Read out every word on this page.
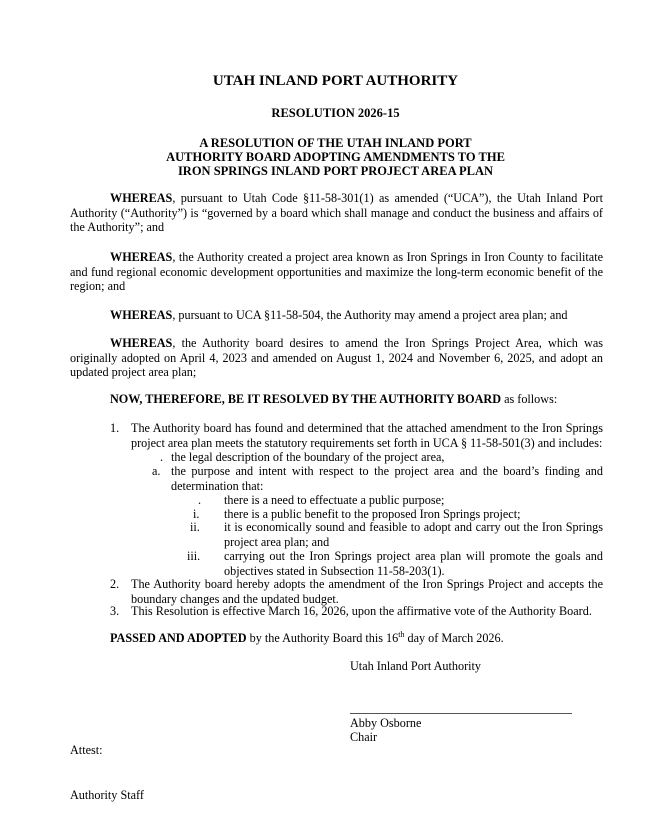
UTAH INLAND PORT AUTHORITY
RESOLUTION 2026-15
A RESOLUTION OF THE UTAH INLAND PORT
AUTHORITY BOARD ADOPTING AMENDMENTS TO THE
IRON SPRINGS INLAND PORT PROJECT AREA PLAN
WHEREAS, pursuant to Utah Code §11-58-301(1) as amended (“UCA”), the Utah Inland Port Authority (“Authority”) is “governed by a board which shall manage and conduct the business and affairs of the Authority”; and
WHEREAS, the Authority created a project area known as Iron Springs in Iron County to facilitate and fund regional economic development opportunities and maximize the long-term economic benefit of the region; and
WHEREAS, pursuant to UCA §11-58-504, the Authority may amend a project area plan; and
WHEREAS, the Authority board desires to amend the Iron Springs Project Area, which was originally adopted on April 4, 2023 and amended on August 1, 2024 and November 6, 2025, and adopt an updated project area plan;
NOW, THEREFORE, BE IT RESOLVED BY THE AUTHORITY BOARD as follows:
1. The Authority board has found and determined that the attached amendment to the Iron Springs
project area plan meets the statutory requirements set forth in UCA § 11-58-501(3) and includes:
. the legal description of the boundary of the project area,
a. the purpose and intent with respect to the project area and the board’s finding and
determination that:
. there is a need to effectuate a public purpose;
i. there is a public benefit to the proposed Iron Springs project;
ii. it is economically sound and feasible to adopt and carry out the Iron Springs
project area plan; and
iii. carrying out the Iron Springs project area plan will promote the goals and
objectives stated in Subsection 11-58-203(1).
2. The Authority board hereby adopts the amendment of the Iron Springs Project and accepts the
boundary changes and the updated budget.
3. This Resolution is effective March 16, 2026, upon the affirmative vote of the Authority Board.
PASSED AND ADOPTED by the Authority Board this 16th day of March 2026.
Utah Inland Port Authority
Abby Osborne
Chair
Attest:
Authority Staff
